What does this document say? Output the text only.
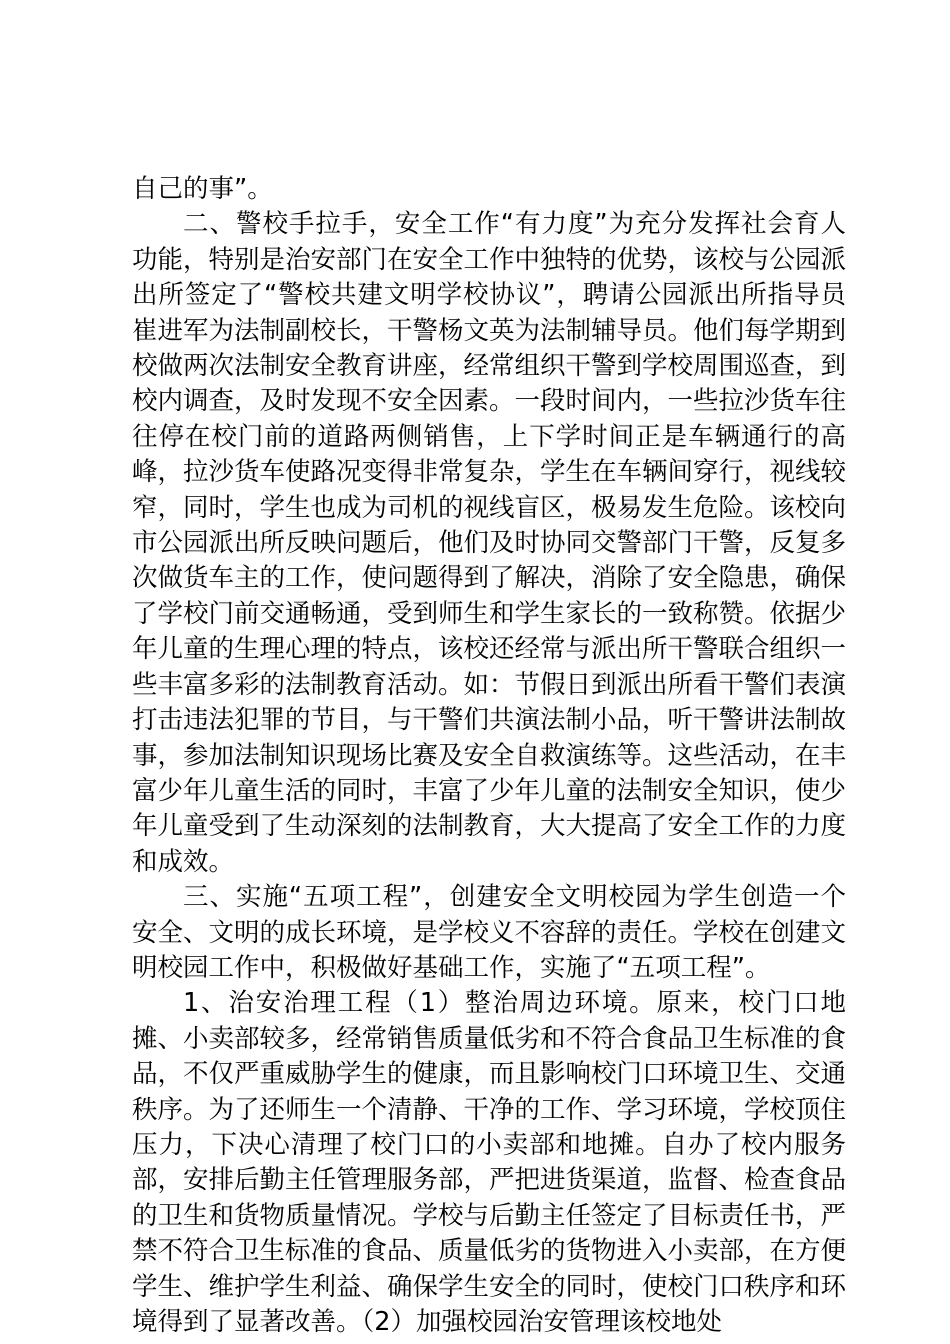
自己的事”。

二、警校手拉手，安全工作“有力度”为充分发挥社会育人功能，特别是治安部门在安全工作中独特的优势，该校与公园派出所签定了“警校共建文明学校协议”，聘请公园派出所指导员崔进军为法制副校长，干警杨文英为法制辅导员。他们每学期到校做两次法制安全教育讲座，经常组织干警到学校周围巡查，到校内调查，及时发现不安全因素。一段时间内，一些拉沙货车往往停在校门前的道路两侧销售，上下学时间正是车辆通行的高峰，拉沙货车使路况变得非常复杂，学生在车辆间穿行，视线较窄，同时，学生也成为司机的视线盲区，极易发生危险。该校向市公园派出所反映问题后，他们及时协同交警部门干警，反复多次做货车主的工作，使问题得到了解决，消除了安全隐患，确保了学校门前交通畅通，受到师生和学生家长的一致称赞。依据少年儿童的生理心理的特点，该校还经常与派出所干警联合组织一些丰富多彩的法制教育活动。如：节假日到派出所看干警们表演打击违法犯罪的节目，与干警们共演法制小品，听干警讲法制故事，参加法制知识现场比赛及安全自救演练等。这些活动，在丰富少年儿童生活的同时，丰富了少年儿童的法制安全知识，使少年儿童受到了生动深刻的法制教育，大大提高了安全工作的力度和成效。

三、实施“五项工程”，创建安全文明校园为学生创造一个安全、文明的成长环境，是学校义不容辞的责任。学校在创建文明校园工作中，积极做好基础工作，实施了“五项工程”。

1、治安治理工程（1）整治周边环境。原来，校门口地摊、小卖部较多，经常销售质量低劣和不符合食品卫生标准的食品，不仅严重威胁学生的健康，而且影响校门口环境卫生、交通秩序。为了还师生一个清静、干净的工作、学习环境，学校顶住压力，下决心清理了校门口的小卖部和地摊。自办了校内服务部，安排后勤主任管理服务部，严把进货渠道，监督、检查食品的卫生和货物质量情况。学校与后勤主任签定了目标责任书，严禁不符合卫生标准的食品、质量低劣的货物进入小卖部，在方便学生、维护学生利益、确保学生安全的同时，使校门口秩序和环境得到了显著改善。（2）加强校园治安管理该校地处
